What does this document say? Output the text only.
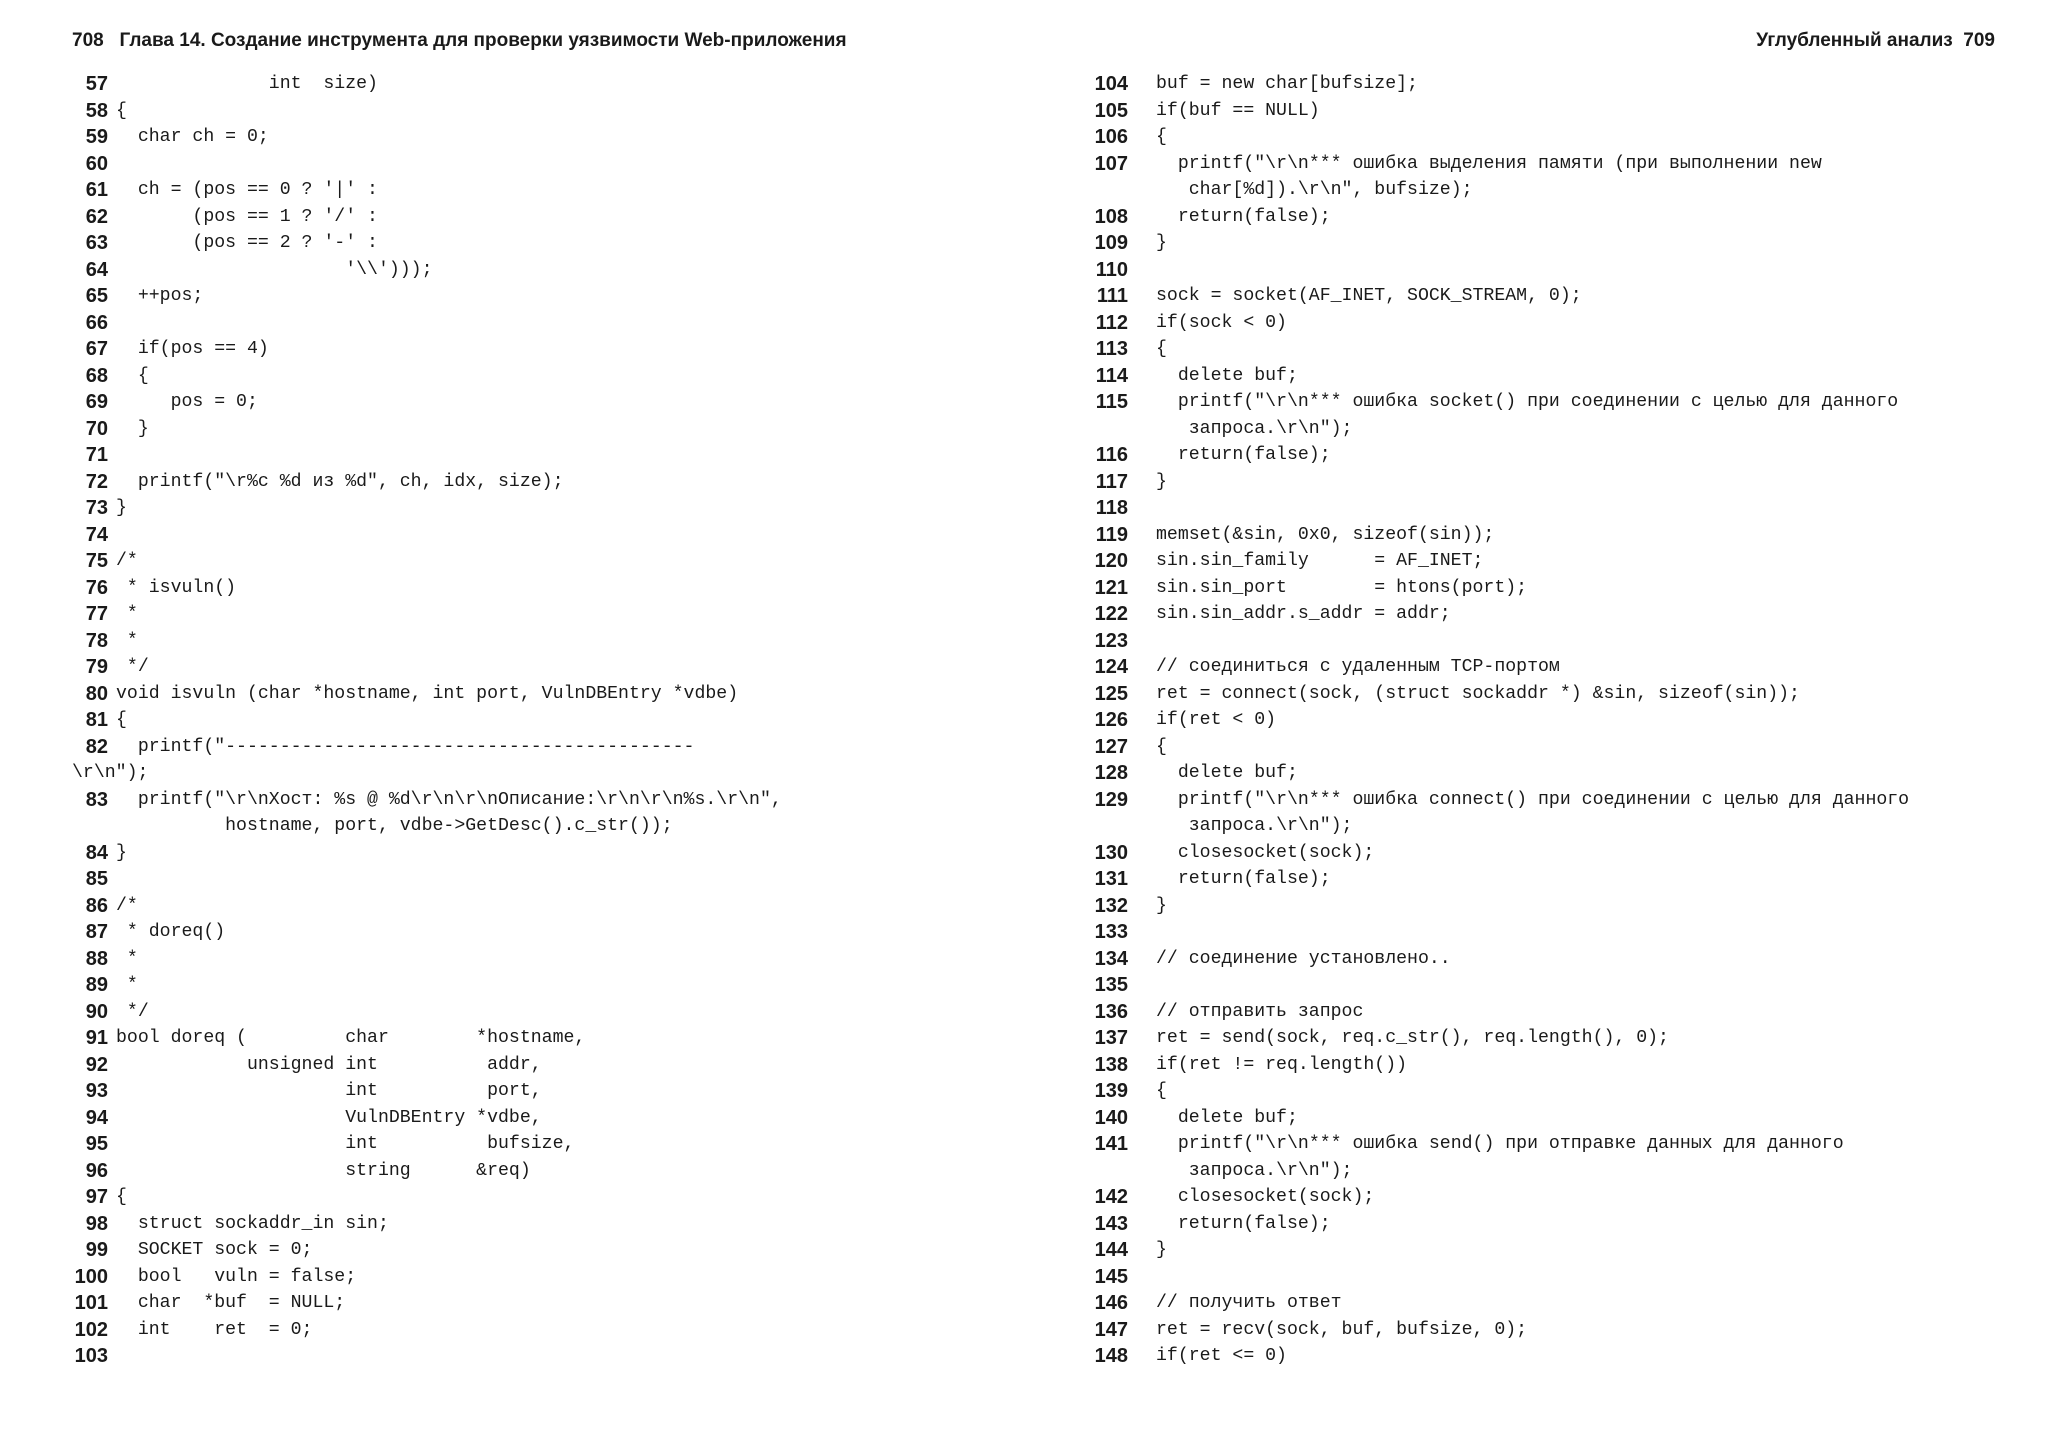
708   Глава 14. Создание инструмента для проверки уязвимости Web-приложения	Углубленный анализ  709
57 int  size)
58 {
59 char ch = 0;
60
61 ch = (pos == 0 ? '|' :
62 (pos == 1 ? '/' :
63 (pos == 2 ? '-' :
64 '\\')));
65 ++pos;
66
67 if(pos == 4)
68 {
69 pos = 0;
70 }
71
72 printf("\r%c %d из %d", ch, idx, size);
73 }
74
75 /*
76 * isvuln()
77 *
78 *
79 */
80 void isvuln (char *hostname, int port, VulnDBEntry *vdbe)
81 {
82 printf("-------------------------------------------
\r\n");
83 printf("\r\nХост: %s @ %d\r\n\r\nОписание:\r\n\r\n%s.\r\n",
hostname, port, vdbe->GetDesc().c_str());
84 }
85
86 /*
87 * doreq()
88 *
89 *
90 */
91 bool doreq (         char        *hostname,
92 unsigned int          addr,
93 int          port,
94 VulnDBEntry *vdbe,
95 int          bufsize,
96 string      &req)
97 {
98 struct sockaddr_in sin;
99 SOCKET sock = 0;
100 bool   vuln = false;
101 char  *buf  = NULL;
102 int    ret  = 0;
103
104 buf = new char[bufsize];
105 if(buf == NULL)
106 {
107	printf("\r\n*** ошибка выделения памяти (при выполнении new
char[%d]).\r\n", bufsize);
108 return(false);
109 }
110
111 sock = socket(AF_INET, SOCK_STREAM, 0);
112 if(sock < 0)
113 {
114 delete buf;
115	printf("\r\n*** ошибка socket() при соединении с целью для данного
запроса.\r\n");
116 return(false);
117 }
118
119 memset(&sin, 0x0, sizeof(sin));
120 sin.sin_family      = AF_INET;
121 sin.sin_port        = htons(port);
122 sin.sin_addr.s_addr = addr;
123
124 // соединиться с удаленным TCP-портом
125 ret = connect(sock, (struct sockaddr *) &sin, sizeof(sin));
126 if(ret < 0)
127 {
128 delete buf;
129	printf("\r\n*** ошибка connect() при соединении с целью для данного
запроса.\r\n");
130 closesocket(sock);
131 return(false);
132 }
133
134 // соединение установлено..
135
136 // отправить запрос
137 ret = send(sock, req.c_str(), req.length(), 0);
138 if(ret != req.length())
139 {
140 delete buf;
141	printf("\r\n*** ошибка send() при отправке данных для данного
запроса.\r\n");
142 closesocket(sock);
143 return(false);
144 }
145
146 // получить ответ
147 ret = recv(sock, buf, bufsize, 0);
148 if(ret <= 0)
